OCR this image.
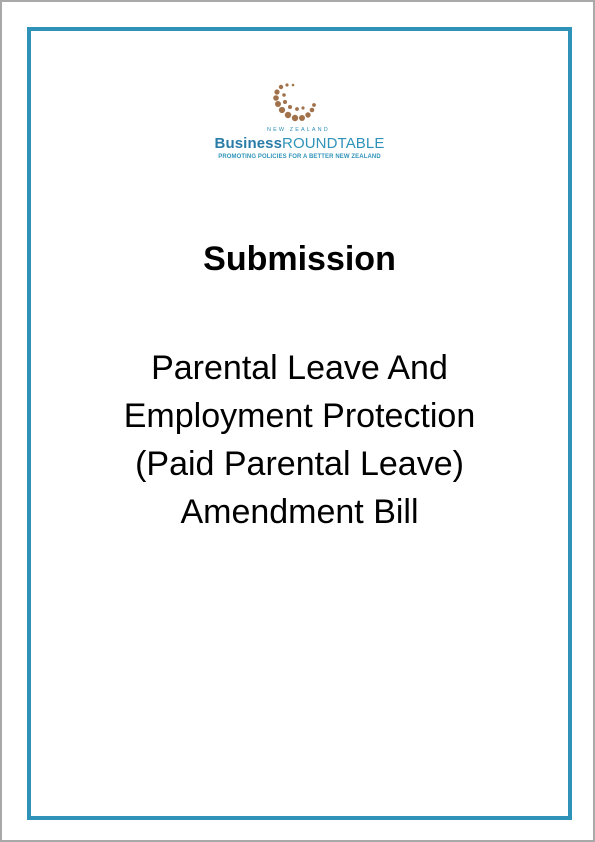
NEW ZEALAND
BusinessROUNDTABLE
PROMOTING POLICIES FOR A BETTER NEW ZEALAND
Submission
Parental Leave And
Employment Protection
(Paid Parental Leave)
Amendment Bill
